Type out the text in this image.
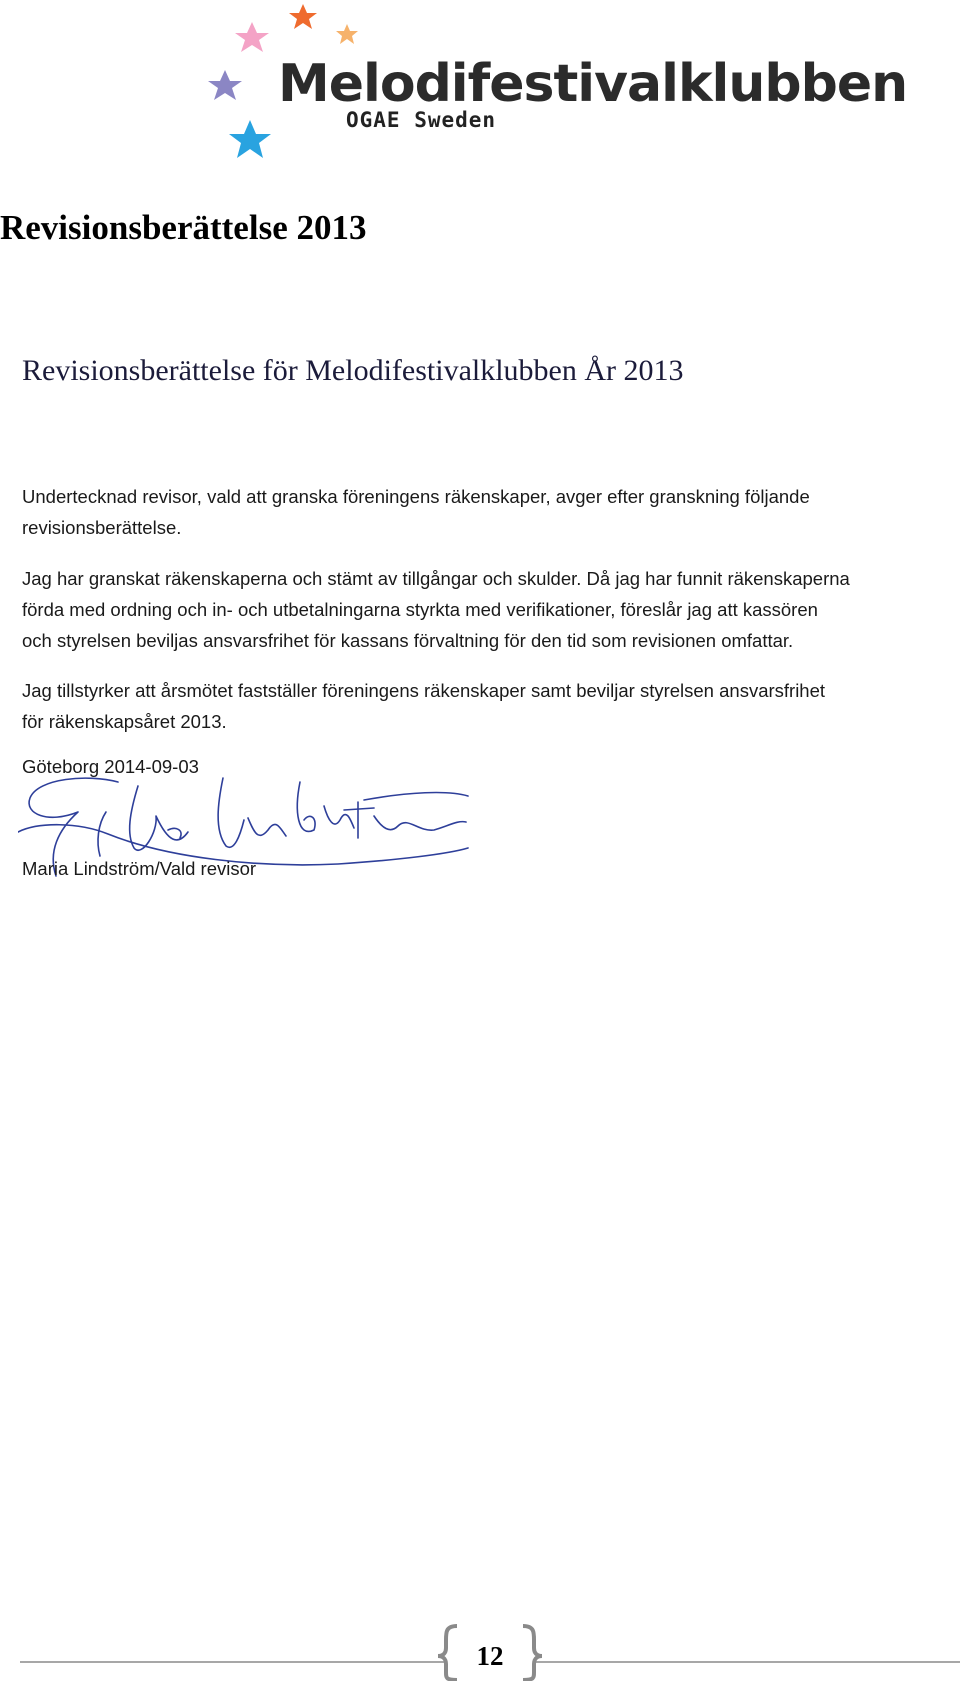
Melodifestivalklubben
OGAE Sweden
Revisionsberättelse 2013
Revisionsberättelse för Melodifestivalklubben År 2013

Undertecknad revisor, vald att granska föreningens räkenskaper, avger efter granskning följande
revisionsberättelse.

Jag har granskat räkenskaperna och stämt av tillgångar och skulder. Då jag har funnit räkenskaperna
förda med ordning och in- och utbetalningarna styrkta med verifikationer, föreslår jag att kassören
och styrelsen beviljas ansvarsfrihet för kassans förvaltning för den tid som revisionen omfattar.

Jag tillstyrker att årsmötet fastställer föreningens räkenskaper samt beviljar styrelsen ansvarsfrihet
för räkenskapsåret 2013.

Göteborg 2014-09-03
Maria Lindström/Vald revisor
12
